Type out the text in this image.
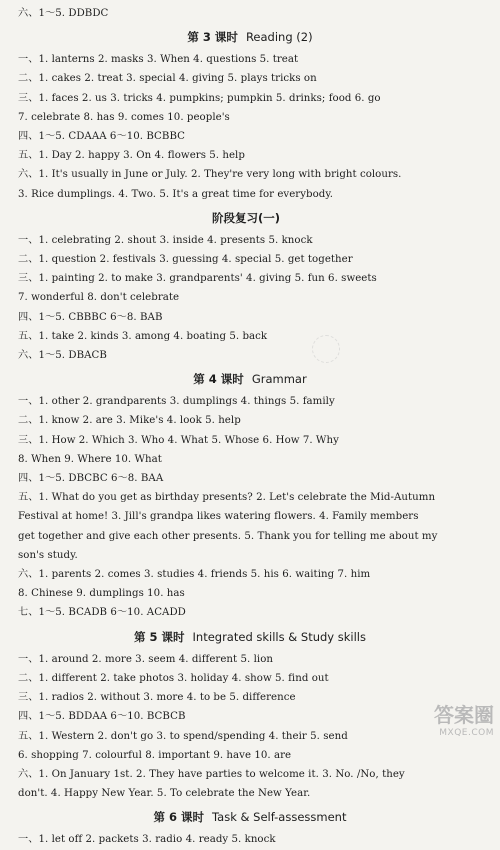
六、1～5. DDBDC
第 3 课时 Reading (2)
一、1. lanterns 2. masks 3. When 4. questions 5. treat
二、1. cakes 2. treat 3. special 4. giving 5. plays tricks on
三、1. faces 2. us 3. tricks 4. pumpkins; pumpkin 5. drinks; food 6. go
7. celebrate 8. has 9. comes 10. people's
四、1～5. CDAAA 6～10. BCBBC
五、1. Day 2. happy 3. On 4. flowers 5. help
六、1. It's usually in June or July. 2. They're very long with bright colours.
3. Rice dumplings. 4. Two. 5. It's a great time for everybody.
阶段复习(一)
一、1. celebrating 2. shout 3. inside 4. presents 5. knock
二、1. question 2. festivals 3. guessing 4. special 5. get together
三、1. painting 2. to make 3. grandparents' 4. giving 5. fun 6. sweets
7. wonderful 8. don't celebrate
四、1～5. CBBBC 6～8. BAB
五、1. take 2. kinds 3. among 4. boating 5. back
六、1～5. DBACB
第 4 课时 Grammar
一、1. other 2. grandparents 3. dumplings 4. things 5. family
二、1. know 2. are 3. Mike's 4. look 5. help
三、1. How 2. Which 3. Who 4. What 5. Whose 6. How 7. Why
8. When 9. Where 10. What
四、1～5. DBCBC 6～8. BAA
五、1. What do you get as birthday presents? 2. Let's celebrate the Mid-Autumn
Festival at home! 3. Jill's grandpa likes watering flowers. 4. Family members
get together and give each other presents. 5. Thank you for telling me about my
son's study.
六、1. parents 2. comes 3. studies 4. friends 5. his 6. waiting 7. him
8. Chinese 9. dumplings 10. has
七、1～5. BCADB 6～10. ACADD
第 5 课时 Integrated skills & Study skills
一、1. around 2. more 3. seem 4. different 5. lion
二、1. different 2. take photos 3. holiday 4. show 5. find out
三、1. radios 2. without 3. more 4. to be 5. difference
四、1～5. BDDAA 6～10. BCBCB
五、1. Western 2. don't go 3. to spend/spending 4. their 5. send
6. shopping 7. colourful 8. important 9. have 10. are
六、1. On January 1st. 2. They have parties to welcome it. 3. No. /No, they
don't. 4. Happy New Year. 5. To celebrate the New Year.
第 6 课时 Task & Self-assessment
一、1. let off 2. packets 3. radio 4. ready 5. knock
答案圈
MXQE.COM
